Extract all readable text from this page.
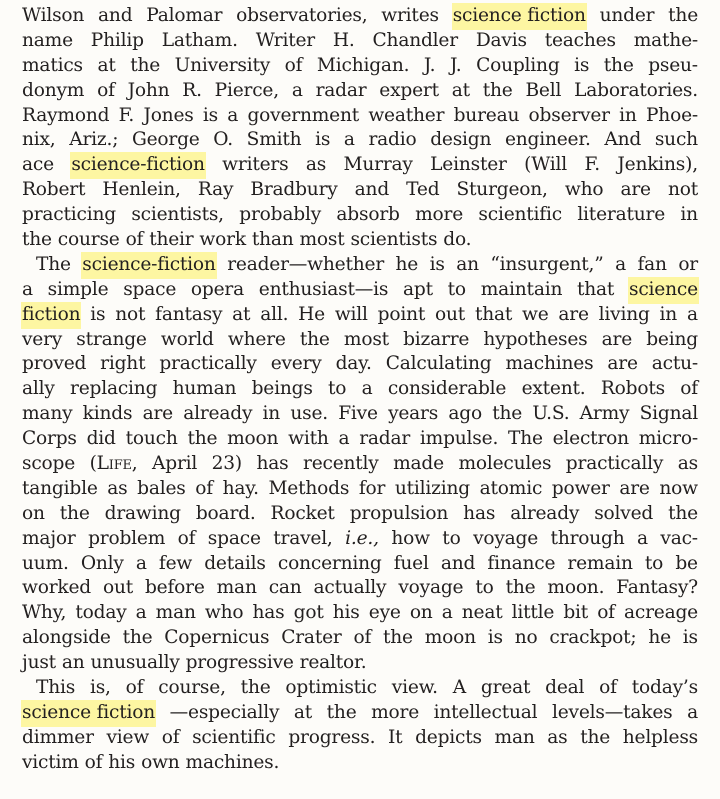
Wilson and Palomar observatories, writes science fiction under the
name Philip Latham. Writer H. Chandler Davis teaches mathe-
matics at the University of Michigan. J. J. Coupling is the pseu-
donym of John R. Pierce, a radar expert at the Bell Laboratories.
Raymond F. Jones is a government weather bureau observer in Phoe-
nix, Ariz.; George O. Smith is a radio design engineer. And such
ace science-fiction writers as Murray Leinster (Will F. Jenkins),
Robert Henlein, Ray Bradbury and Ted Sturgeon, who are not
practicing scientists, probably absorb more scientific literature in
the course of their work than most scientists do.
The science-fiction reader—whether he is an “insurgent,” a fan or
a simple space opera enthusiast—is apt to maintain that science
fiction is not fantasy at all. He will point out that we are living in a
very strange world where the most bizarre hypotheses are being
proved right practically every day. Calculating machines are actu-
ally replacing human beings to a considerable extent. Robots of
many kinds are already in use. Five years ago the U.S. Army Signal
Corps did touch the moon with a radar impulse. The electron micro-
scope (Life, April 23) has recently made molecules practically as
tangible as bales of hay. Methods for utilizing atomic power are now
on the drawing board. Rocket propulsion has already solved the
major problem of space travel, i.e., how to voyage through a vac-
uum. Only a few details concerning fuel and finance remain to be
worked out before man can actually voyage to the moon. Fantasy?
Why, today a man who has got his eye on a neat little bit of acreage
alongside the Copernicus Crater of the moon is no crackpot; he is
just an unusually progressive realtor.
This is, of course, the optimistic view. A great deal of today’s
science fiction —especially at the more intellectual levels—takes a
dimmer view of scientific progress. It depicts man as the helpless
victim of his own machines.
